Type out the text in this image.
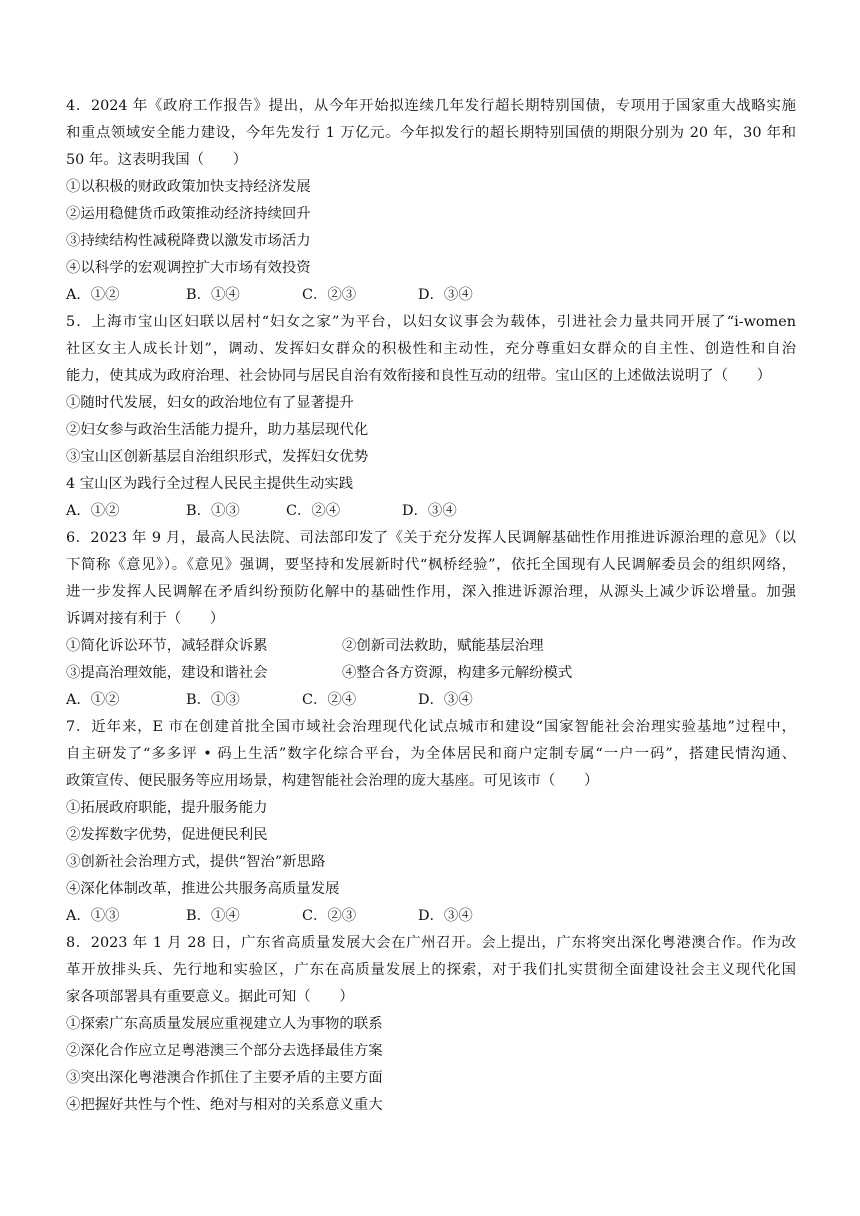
4．2024 年《政府工作报告》提出，从今年开始拟连续几年发行超长期特别国债，专项用于国家重大战略实施
和重点领域安全能力建设，今年先发行 1 万亿元。今年拟发行的超长期特别国债的期限分别为 20 年，30 年和
50 年。这表明我国（　　）
①以积极的财政政策加快支持经济发展
②运用稳健货币政策推动经济持续回升
③持续结构性减税降费以激发市场活力
④以科学的宏观调控扩大市场有效投资
A．①②	B．①④	C．②③	D．③④
5．上海市宝山区妇联以居村“妇女之家”为平台，以妇女议事会为载体，引进社会力量共同开展了“i-women
社区女主人成长计划”，调动、发挥妇女群众的积极性和主动性，充分尊重妇女群众的自主性、创造性和自治
能力，使其成为政府治理、社会协同与居民自治有效衔接和良性互动的纽带。宝山区的上述做法说明了（　　）
①随时代发展，妇女的政治地位有了显著提升
②妇女参与政治生活能力提升，助力基层现代化
③宝山区创新基层自治组织形式，发挥妇女优势
4 宝山区为践行全过程人民民主提供生动实践
A．①②	B．①③	C．②④	D．③④
6．2023 年 9 月，最高人民法院、司法部印发了《关于充分发挥人民调解基础性作用推进诉源治理的意见》（以
下简称《意见》）。《意见》强调，要坚持和发展新时代“枫桥经验”，依托全国现有人民调解委员会的组织网络，
进一步发挥人民调解在矛盾纠纷预防化解中的基础性作用，深入推进诉源治理，从源头上减少诉讼增量。加强
诉调对接有利于（　　）
①简化诉讼环节，减轻群众诉累	②创新司法救助，赋能基层治理
③提高治理效能，建设和谐社会	④整合各方资源，构建多元解纷模式
A．①②	B．①③	C．②④	D．③④
7．近年来，E 市在创建首批全国市域社会治理现代化试点城市和建设“国家智能社会治理实验基地”过程中，
自主研发了“多多评 • 码上生活”数字化综合平台，为全体居民和商户定制专属“一户一码”，搭建民情沟通、
政策宣传、便民服务等应用场景，构建智能社会治理的庞大基座。可见该市（　　）
①拓展政府职能，提升服务能力
②发挥数字优势，促进便民利民
③创新社会治理方式，提供“智治”新思路
④深化体制改革，推进公共服务高质量发展
A．①③	B．①④	C．②③	D．③④
8．2023 年 1 月 28 日，广东省高质量发展大会在广州召开。会上提出，广东将突出深化粤港澳合作。作为改
革开放排头兵、先行地和实验区，广东在高质量发展上的探索，对于我们扎实贯彻全面建设社会主义现代化国
家各项部署具有重要意义。据此可知（　　）
①探索广东高质量发展应重视建立人为事物的联系
②深化合作应立足粤港澳三个部分去选择最佳方案
③突出深化粤港澳合作抓住了主要矛盾的主要方面
④把握好共性与个性、绝对与相对的关系意义重大
